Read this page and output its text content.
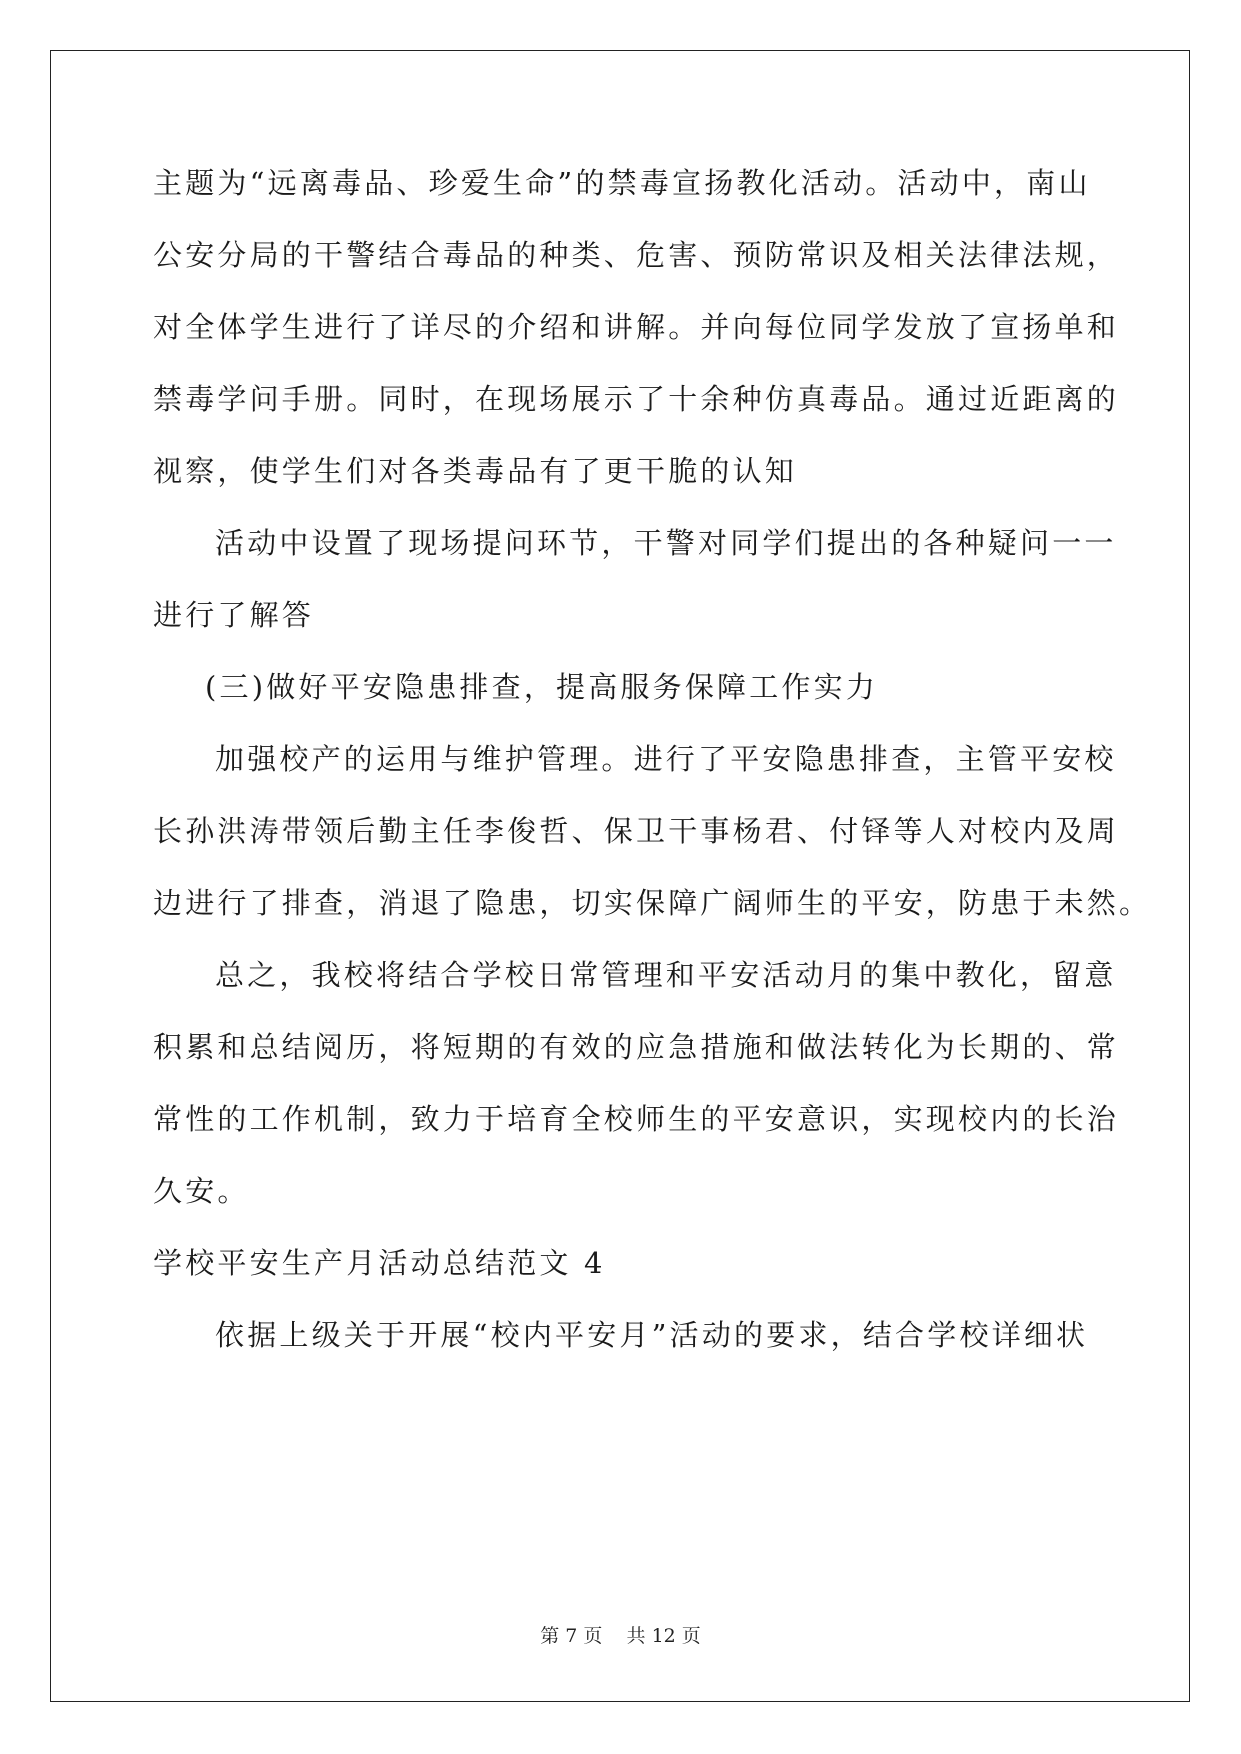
主题为“远离毒品、珍爱生命”的禁毒宣扬教化活动。活动中，南山
公安分局的干警结合毒品的种类、危害、预防常识及相关法律法规，
对全体学生进行了详尽的介绍和讲解。并向每位同学发放了宣扬单和
禁毒学问手册。同时，在现场展示了十余种仿真毒品。通过近距离的
视察，使学生们对各类毒品有了更干脆的认知
活动中设置了现场提问环节，干警对同学们提出的各种疑问一一
进行了解答
(三)做好平安隐患排查，提高服务保障工作实力
加强校产的运用与维护管理。进行了平安隐患排查，主管平安校
长孙洪涛带领后勤主任李俊哲、保卫干事杨君、付铎等人对校内及周
边进行了排查，消退了隐患，切实保障广阔师生的平安，防患于未然。
总之，我校将结合学校日常管理和平安活动月的集中教化，留意
积累和总结阅历，将短期的有效的应急措施和做法转化为长期的、常
常性的工作机制，致力于培育全校师生的平安意识，实现校内的长治
久安。
学校平安生产月活动总结范文 4
依据上级关于开展“校内平安月”活动的要求，结合学校详细状
第 7 页    共 12 页
